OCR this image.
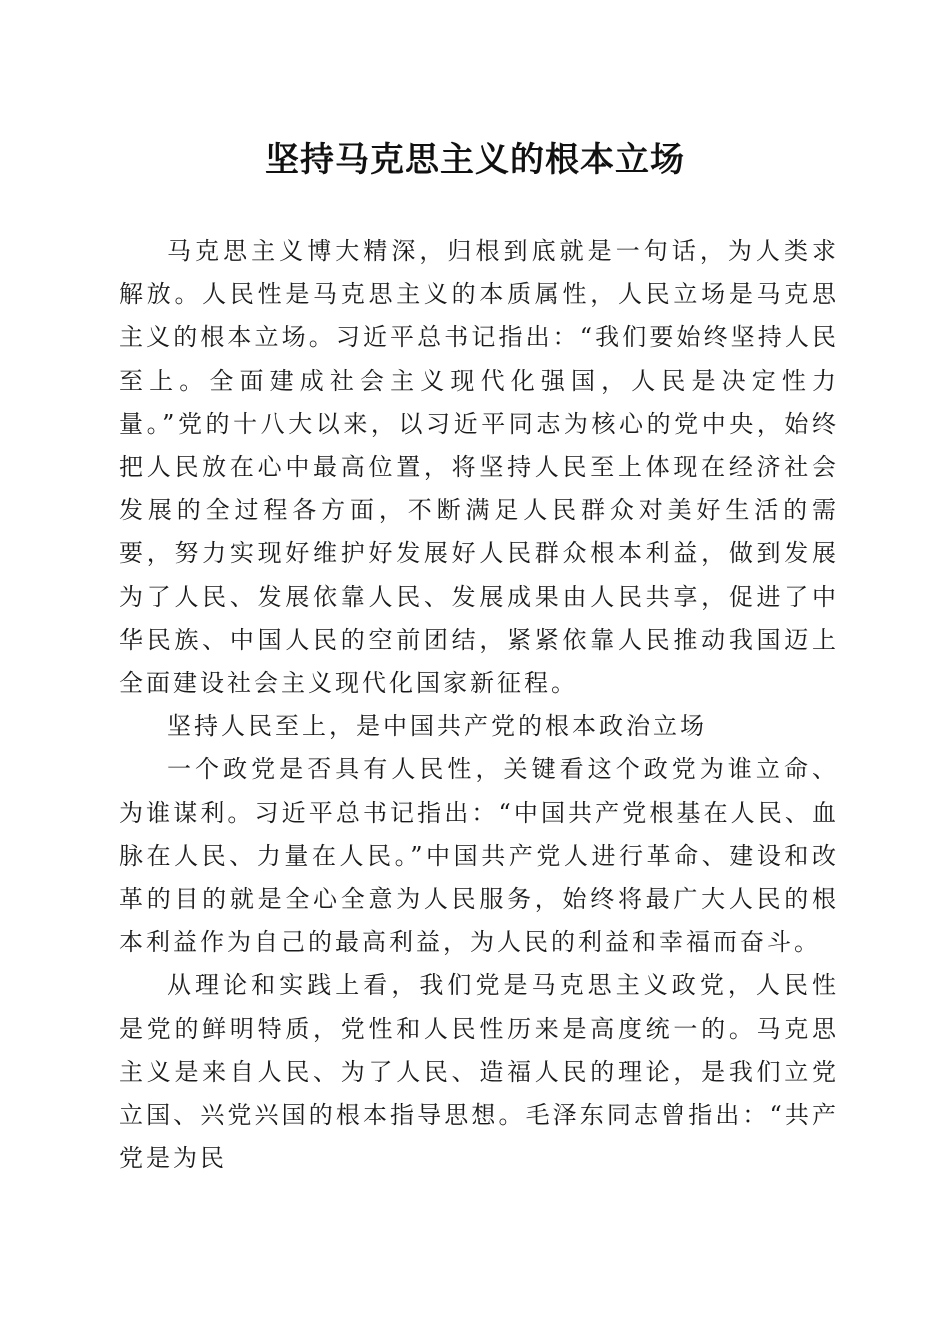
坚持马克思主义的根本立场

马克思主义博大精深，归根到底就是一句话，为人类求解放。人民性是马克思主义的本质属性，人民立场是马克思主义的根本立场。习近平总书记指出：“我们要始终坚持人民至上。全面建成社会主义现代化强国，人民是决定性力量。”党的十八大以来，以习近平同志为核心的党中央，始终把人民放在心中最高位置，将坚持人民至上体现在经济社会发展的全过程各方面，不断满足人民群众对美好生活的需要，努力实现好维护好发展好人民群众根本利益，做到发展为了人民、发展依靠人民、发展成果由人民共享，促进了中华民族、中国人民的空前团结，紧紧依靠人民推动我国迈上全面建设社会主义现代化国家新征程。

坚持人民至上，是中国共产党的根本政治立场

一个政党是否具有人民性，关键看这个政党为谁立命、为谁谋利。习近平总书记指出：“中国共产党根基在人民、血脉在人民、力量在人民。”中国共产党人进行革命、建设和改革的目的就是全心全意为人民服务，始终将最广大人民的根本利益作为自己的最高利益，为人民的利益和幸福而奋斗。

从理论和实践上看，我们党是马克思主义政党，人民性是党的鲜明特质，党性和人民性历来是高度统一的。马克思主义是来自人民、为了人民、造福人民的理论，是我们立党立国、兴党兴国的根本指导思想。毛泽东同志曾指出：“共产党是为民
